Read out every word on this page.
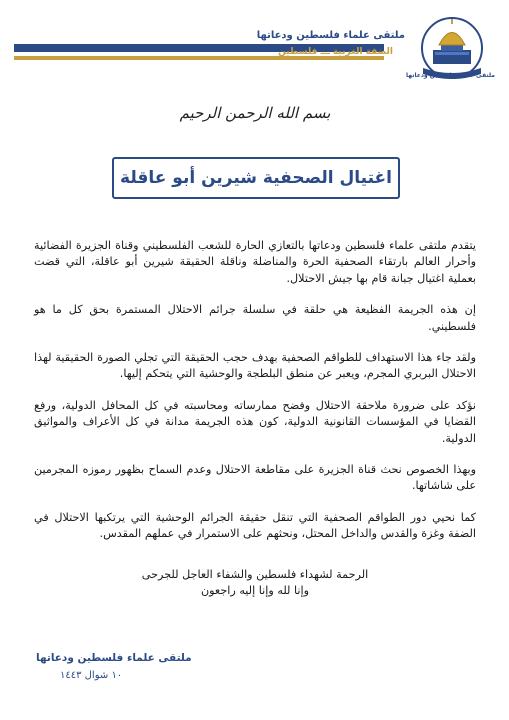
ملتقى علماء فلسطين ودعاتها
الضفة الغربية ـــ فلسطين
ملتقى علماء فلسطين ودعاتها
بسم الله الرحمن الرحيم
اغتيال الصحفية شيرين أبو عاقلة

يتقدم ملتقى علماء فلسطين ودعاتها بالتعازي الحارة للشعب الفلسطيني وقناة الجزيرة الفضائية وأحرار العالم بارتقاء الصحفية الحرة والمناضلة وناقلة الحقيقة شيرين أبو عاقلة، التي قضت بعملية اغتيال جبانة قام بها جيش الاحتلال.

إن هذه الجريمة الفظيعة هي حلقة في سلسلة جرائم الاحتلال المستمرة بحق كل ما هو فلسطيني.

ولقد جاء هذا الاستهداف للطواقم الصحفية بهدف حجب الحقيقة التي تجلي الصورة الحقيقية لهذا الاحتلال البربري المجرم، ويعبر عن منطق البلطجة والوحشية التي يتحكم إليها.

نؤكد على ضرورة ملاحقة الاحتلال وفضح ممارساته ومحاسبته في كل المحافل الدولية، ورفع القضايا في المؤسسات القانونية الدولية، كون هذه الجريمة مدانة في كل الأعراف والمواثيق الدولية.

وبهذا الخصوص نحث قناة الجزيرة على مقاطعة الاحتلال وعدم السماح بظهور رموزه المجرمين على شاشاتها.

كما نحيي دور الطواقم الصحفية التي تنقل حقيقة الجرائم الوحشية التي يرتكبها الاحتلال في الضفة وغزة والقدس والداخل المحتل، ونحثهم على الاستمرار في عملهم المقدس.

الرحمة لشهداء فلسطين والشفاء العاجل للجرحى
وإنا لله وإنا إليه راجعون
ملتقى علماء فلسطين ودعاتها
١٠ شوال ١٤٤٣
